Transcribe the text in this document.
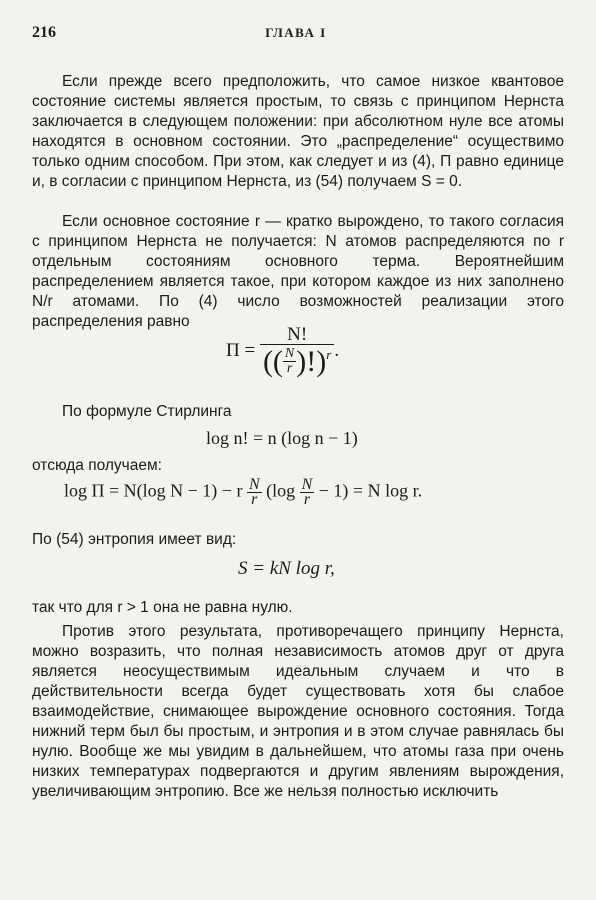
216	ГЛАВА I

Если прежде всего предположить, что самое низкое квантовое состояние системы является простым, то связь с принципом Нернста заключается в следующем положении: при абсолютном нуле все атомы находятся в основном состоянии. Это „распределение“ осуществимо только одним способом. При этом, как следует и из (4), П равно единице и, в согласии с принципом Нернста, из (54) получаем S = 0.

Если основное состояние r — кратко вырождено, то такого согласия с принципом Нернста не получается: N атомов распределяются по r отдельным состояниям основного терма. Вероятнейшим распределением является такое, при котором каждое из них заполнено N/r атомами. По (4) число возможностей реализации этого распределения равно

$П = \frac{N!}{(( \frac{N}{r} )!)^r}$ .
По формуле Стирлинга
log n! = n (log n − 1)
отсюда получаем:
log П = N(log N − 1) − r $\frac{N}{r} (\log \frac{N}{r} - 1) = N$ log r.
По (54) энтропия имеет вид:
S = kN log r,
так что для r > 1 она не равна нулю.

Против этого результата, противоречащего принципу Нернста, можно возразить, что полная независимость атомов друг от друга является неосуществимым идеальным случаем и что в действительности всегда будет существовать хотя бы слабое взаимодействие, снимающее вырождение основного состояния. Тогда нижний терм был бы простым, и энтропия и в этом случае равнялась бы нулю. Вообще же мы увидим в дальнейшем, что атомы газа при очень низких температурах подвергаются и другим явлениям вырождения, увеличивающим энтропию. Все же нельзя полностью исключить
